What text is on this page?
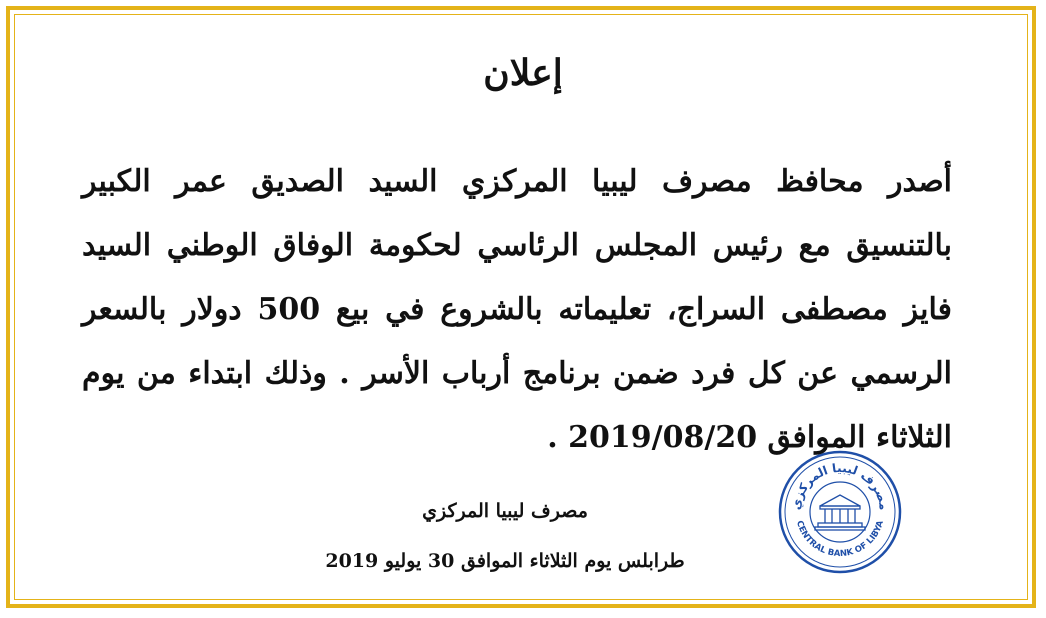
إعلان

أصدر محافظ مصرف ليبيا المركزي السيد الصديق عمر الكبير بالتنسيق مع رئيس المجلس الرئاسي لحكومة الوفاق الوطني السيد فايز مصطفى السراج، تعليماته بالشروع في بيع 500 دولار بالسعر الرسمي عن كل فرد ضمن برنامج أرباب الأسر . وذلك ابتداء من يوم الثلاثاء الموافق 2019/08/20 .

مصرف ليبيا المركزي
طرابلس يوم الثلاثاء الموافق 30 يوليو 2019
مصرف ليبيا المركزي
CENTRAL BANK OF LIBYA
